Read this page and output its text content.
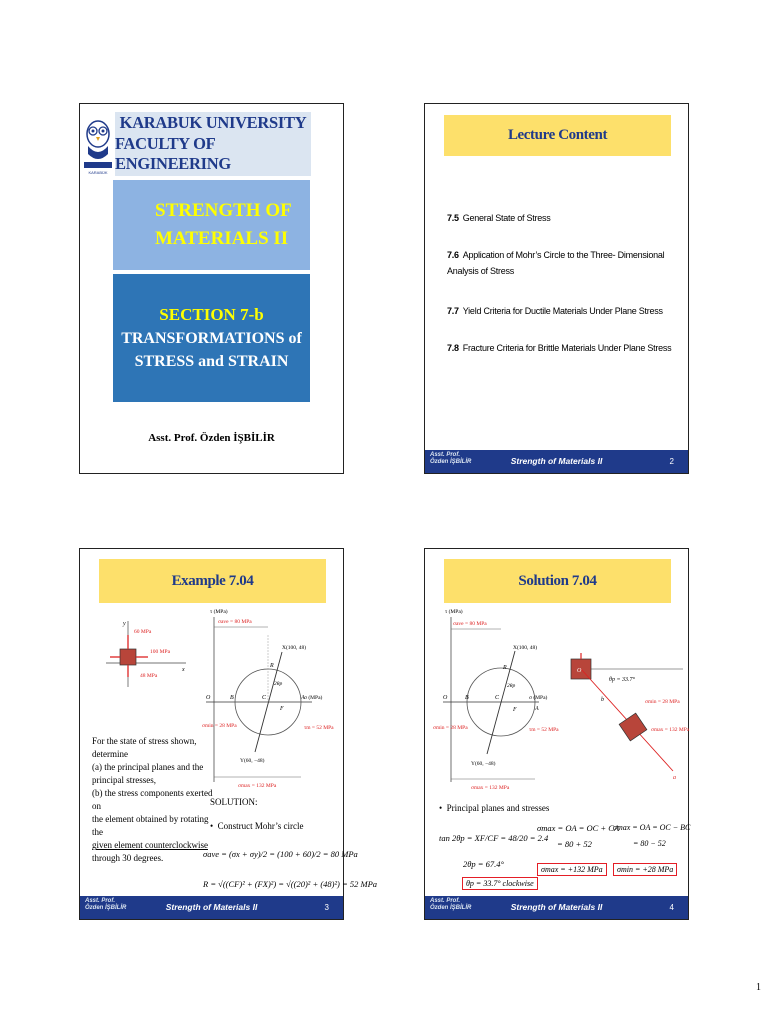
KARABÜK
KARABUK UNIVERSITY
FACULTY OF ENGINEERING
STRENGTH OF
MATERIALS II
SECTION 7-b
TRANSFORMATIONS of
STRESS and STRAIN
Asst. Prof. Özden İŞBİLİR
Lecture Content
7.5 General State of Stress
7.6 Application of Mohr’s Circle to the Three- Dimensional
Analysis of Stress
7.7 Yield Criteria for Ductile Materials Under Plane Stress
7.8 Fracture Criteria for Brittle Materials Under Plane Stress
Asst. Prof.
Özden İŞBİLİR	Strength of Materials II	2
Example 7.04
60 MPa
100 MPa
48 MPa
x
y
τ (MPa)
σave = 80 MPa
X(100, 48)
Y(60, −48)
σ (MPa)
σmin = 28 MPa	τm = 52 MPa
σmax = 132 MPa
O	B	C
F
A
R
2θp
For the state of stress shown,
determine
(a) the principal planes and the
principal stresses,
(b) the stress components exerted on
the element obtained by rotating the
given element counterclockwise
through 30 degrees.
SOLUTION:
•  Construct Mohr’s circle
σave = (σx + σy)/2 = (100 + 60)/2 = 80 MPa
R = √((CF)² + (FX)²) = √((20)² + (48)²) = 52 MPa
Asst. Prof.
Özden İŞBİLİR	Strength of Materials II	3
Solution 7.04
τ (MPa)
σave = 80 MPa
X(100, 48)
Y(60, −48)
σ (MPa)
σmin = 28 MPa	τm = 52 MPa
σmax = 132 MPa
O	B	C
F	A
R
2θp
O
θp = 33.7°
σmin = 28 MPa
σmax = 132 MPa
a
b
•  Principal planes and stresses
tan 2θp = XF/CF = 48/20 = 2.4
2θp = 67.4°
θp = 33.7° clockwise
σmax = OA = OC + CA
= 80 + 52
σmax = +132 MPa
σmax = OA = OC − BC
= 80 − 52
σmin = +28 MPa
Asst. Prof.
Özden İŞBİLİR	Strength of Materials II	4
1
